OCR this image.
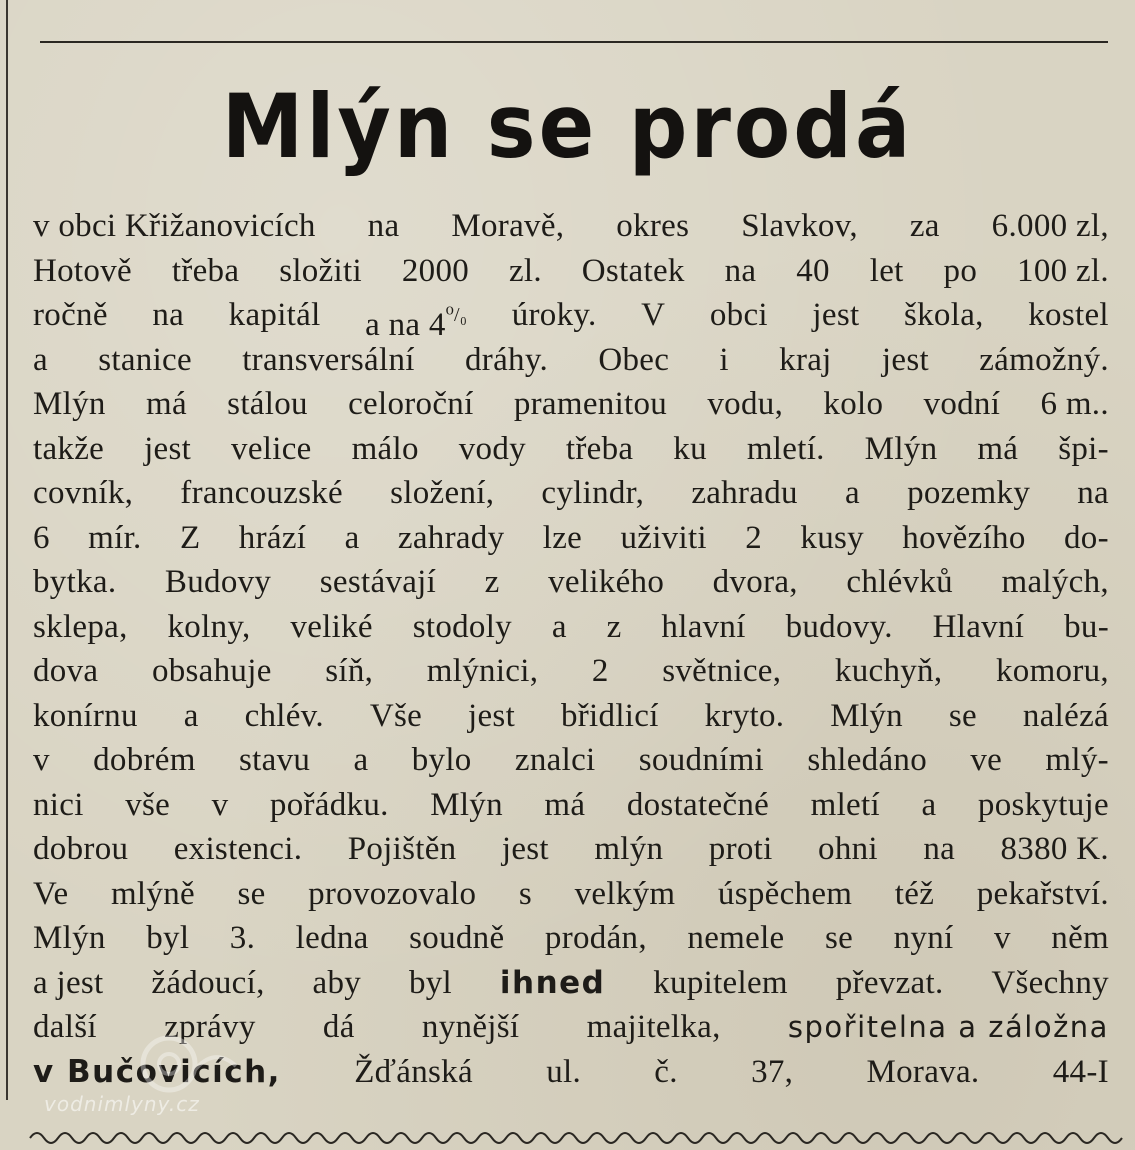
Mlýn se prodá
v obci Křižanovicích na Moravě, okres Slavkov, za 6.000 zl,
Hotově třeba složiti 2000 zl. Ostatek na 40 let po 100 zl.
ročně na kapitál a na $4^{^0/_0}$ úroky. V obci jest škola, kostel
a stanice transversální dráhy. Obec i kraj jest zámožný.
Mlýn má stálou celoroční pramenitou vodu, kolo vodní 6 m..
takže jest velice málo vody třeba ku mletí. Mlýn má špi-
covník, francouzské složení, cylindr, zahradu a pozemky na
6 mír. Z hrází a zahrady lze uživiti 2 kusy hovězího do-
bytka. Budovy sestávají z velikého dvora, chlévků malých,
sklepa, kolny, veliké stodoly a z hlavní budovy. Hlavní bu-
dova obsahuje síň, mlýnici, 2 světnice, kuchyň, komoru,
konírnu a chlév. Vše jest břidlicí kryto. Mlýn se nalézá
v dobrém stavu a bylo znalci soudními shledáno ve mlý-
nici vše v pořádku. Mlýn má dostatečné mletí a poskytuje
dobrou existenci. Pojištěn jest mlýn proti ohni na 8380 K.
Ve mlýně se provozovalo s velkým úspěchem též pekařství.
Mlýn byl 3. ledna soudně prodán, nemele se nyní v něm
a jest žádoucí, aby byl ihned kupitelem převzat. Všechny
další zprávy dá nynější majitelka, spořitelna a záložna
v Bučovicích, Žďánská ul. č. 37, Morava. 44-I
vodnimlyny.cz
